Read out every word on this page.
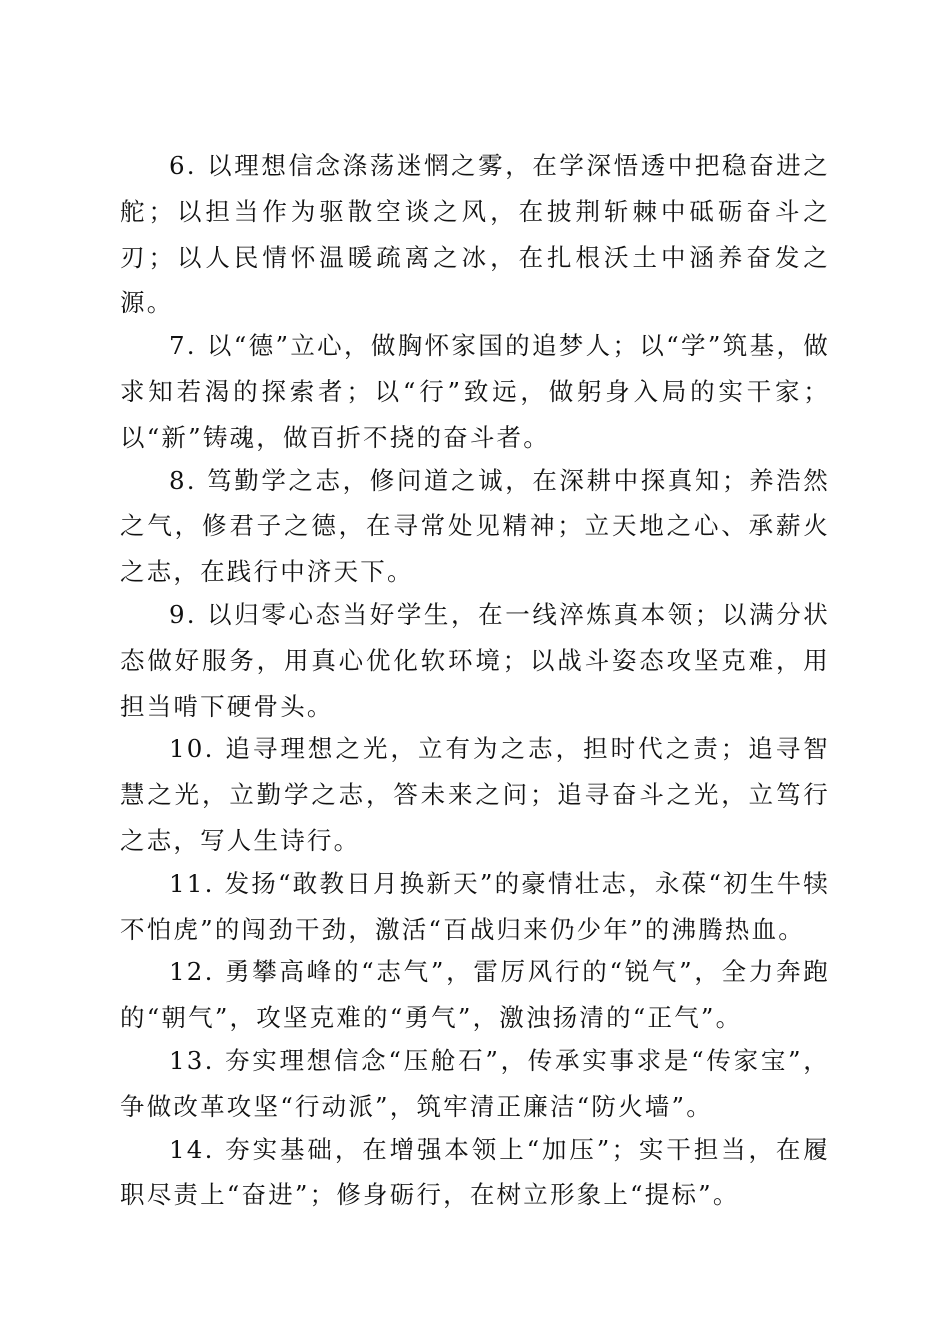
6. 以理想信念涤荡迷惘之雾，在学深悟透中把稳奋进之舵；以担当作为驱散空谈之风，在披荆斩棘中砥砺奋斗之刃；以人民情怀温暖疏离之冰，在扎根沃土中涵养奋发之源。

7. 以“德”立心，做胸怀家国的追梦人；以“学”筑基，做求知若渴的探索者；以“行”致远，做躬身入局的实干家；以“新”铸魂，做百折不挠的奋斗者。

8. 笃勤学之志，修问道之诚，在深耕中探真知；养浩然之气，修君子之德，在寻常处见精神；立天地之心、承薪火之志，在践行中济天下。

9. 以归零心态当好学生，在一线淬炼真本领；以满分状态做好服务，用真心优化软环境；以战斗姿态攻坚克难，用担当啃下硬骨头。

10. 追寻理想之光，立有为之志，担时代之责；追寻智慧之光，立勤学之志，答未来之问；追寻奋斗之光，立笃行之志，写人生诗行。

11. 发扬“敢教日月换新天”的豪情壮志，永葆“初生牛犊不怕虎”的闯劲干劲，激活“百战归来仍少年”的沸腾热血。

12. 勇攀高峰的“志气”，雷厉风行的“锐气”，全力奔跑的“朝气”，攻坚克难的“勇气”，激浊扬清的“正气”。

13. 夯实理想信念“压舱石”，传承实事求是“传家宝”，争做改革攻坚“行动派”，筑牢清正廉洁“防火墙”。

14. 夯实基础，在增强本领上“加压”；实干担当，在履职尽责上“奋进”；修身砺行，在树立形象上“提标”。
